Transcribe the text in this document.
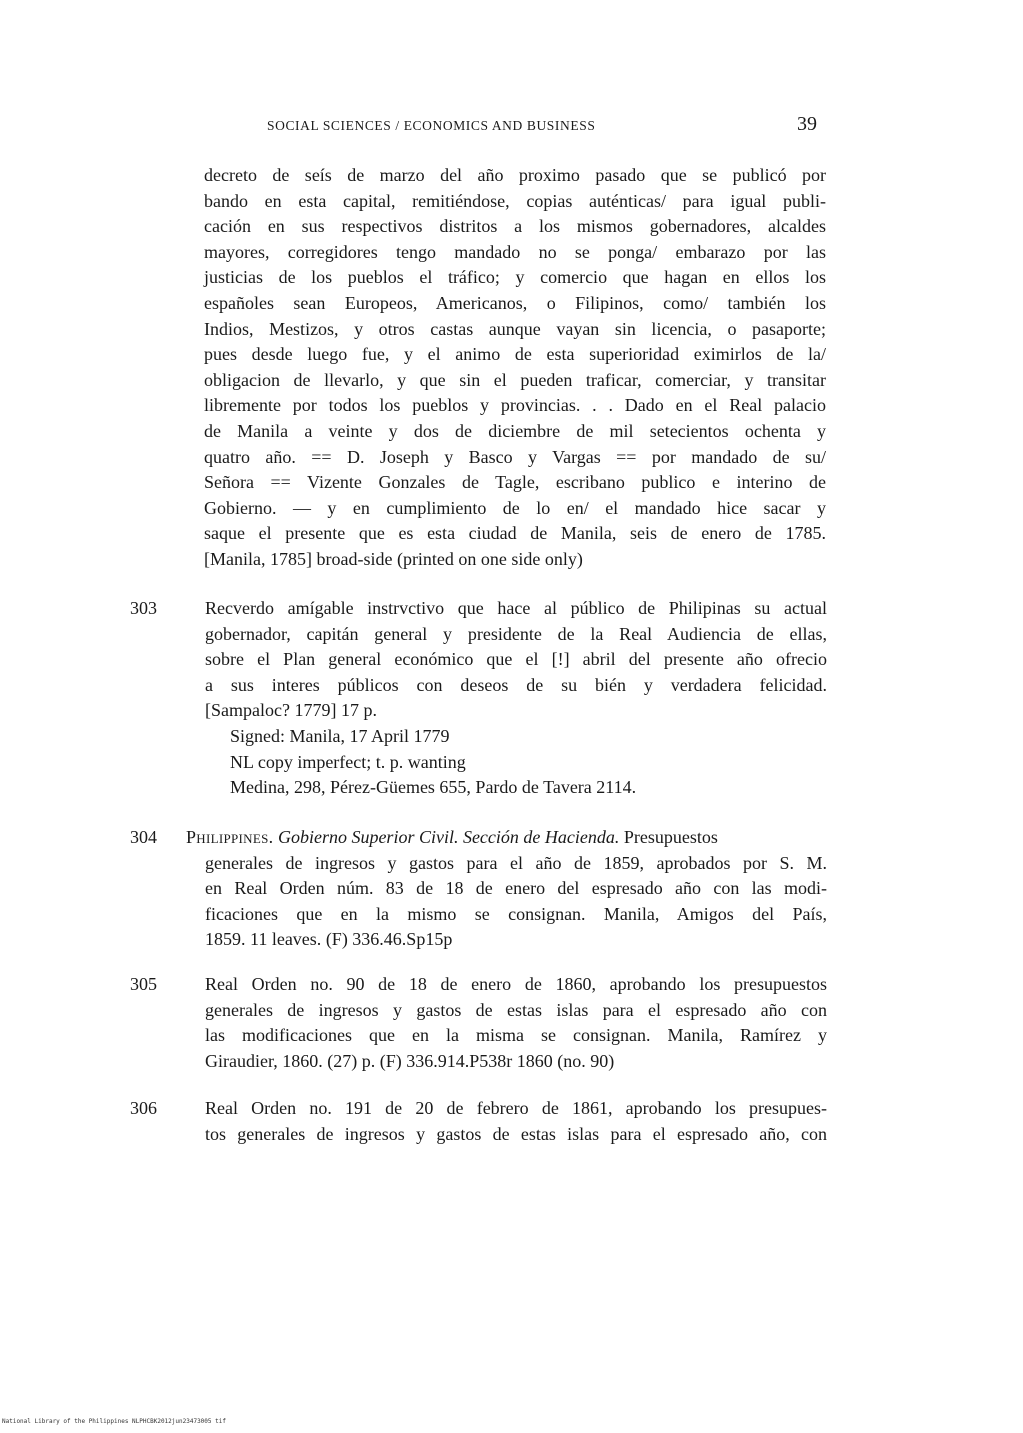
SOCIAL SCIENCES / ECONOMICS AND BUSINESS	39
decreto de seís de marzo del año proximo pasado que se publicó por
bando en esta capital, remitiéndose, copias auténticas/ para igual publi-
cación en sus respectivos distritos a los mismos gobernadores, alcaldes
mayores, corregidores tengo mandado no se ponga/ embarazo por las
justicias de los pueblos el tráfico; y comercio que hagan en ellos los
españoles sean Europeos, Americanos, o Filipinos, como/ también los
Indios, Mestizos, y otros castas aunque vayan sin licencia, o pasaporte;
pues desde luego fue, y el animo de esta superioridad eximirlos de la/
obligacion de llevarlo, y que sin el pueden traficar, comerciar, y transitar
libremente por todos los pueblos y provincias. . . Dado en el Real palacio
de Manila a veinte y dos de diciembre de mil setecientos ochenta y
quatro año. == D. Joseph y Basco y Vargas == por mandado de su/
Señora == Vizente Gonzales de Tagle, escribano publico e interino de
Gobierno. — y en cumplimiento de lo en/ el mandado hice sacar y
saque el presente que es esta ciudad de Manila, seis de enero de 1785.
[Manila, 1785] broad-side (printed on one side only)
303	Recverdo amígable instrvctivo que hace al público de Philipinas su actual
gobernador, capitán general y presidente de la Real Audiencia de ellas,
sobre el Plan general económico que el [!] abril del presente año ofrecio
a sus interes públicos con deseos de su bién y verdadera felicidad.
[Sampaloc? 1779] 17 p.
Signed: Manila, 17 April 1779
NL copy imperfect; t. p. wanting
Medina, 298, Pérez-Güemes 655, Pardo de Tavera 2114.
304 Philippines. Gobierno Superior Civil. Sección de Hacienda. Presupuestos
generales de ingresos y gastos para el año de 1859, aprobados por S. M.
en Real Orden núm. 83 de 18 de enero del espresado año con las modi-
ficaciones que en la mismo se consignan. Manila, Amigos del País,
1859. 11 leaves. (F) 336.46.Sp15p
305	Real Orden no. 90 de 18 de enero de 1860, aprobando los presupuestos
generales de ingresos y gastos de estas islas para el espresado año con
las modificaciones que en la misma se consignan. Manila, Ramírez y
Giraudier, 1860. (27) p. (F) 336.914.P538r 1860 (no. 90)
306	Real Orden no. 191 de 20 de febrero de 1861, aprobando los presupues-
tos generales de ingresos y gastos de estas islas para el espresado año, con
National Library of the Philippines NLPHCBK2012jun23473005 tif
